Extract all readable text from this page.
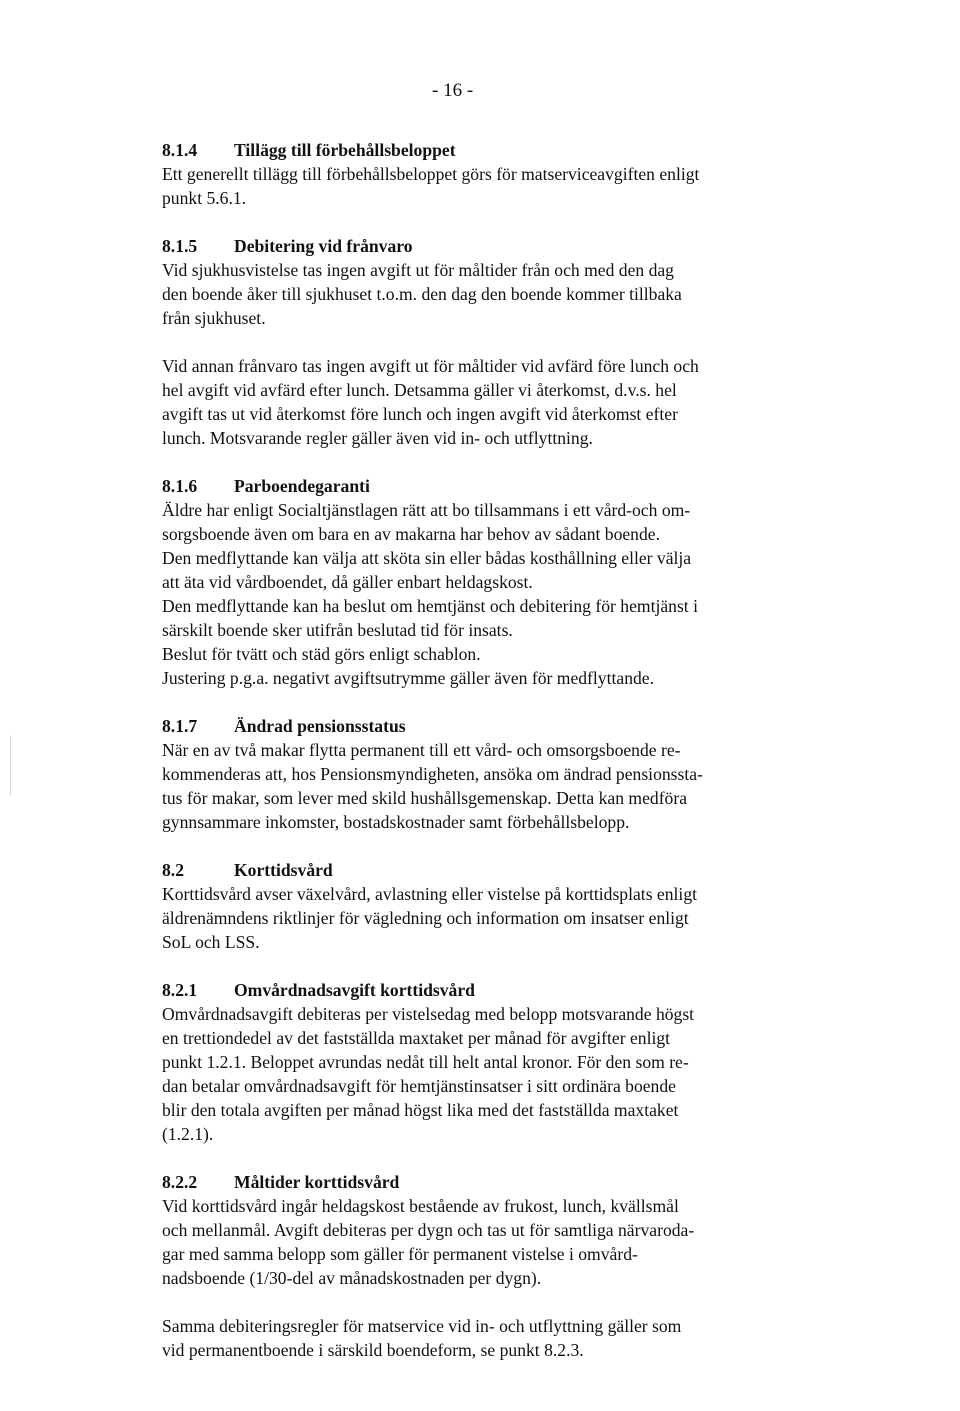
- 16 -
8.1.4 Tillägg till förbehållsbeloppet

Ett generellt tillägg till förbehållsbeloppet görs för matserviceavgiften enligt
punkt 5.6.1.

8.1.5 Debitering vid frånvaro

Vid sjukhusvistelse tas ingen avgift ut för måltider från och med den dag
den boende åker till sjukhuset t.o.m. den dag den boende kommer tillbaka
från sjukhuset.

Vid annan frånvaro tas ingen avgift ut för måltider vid avfärd före lunch och
hel avgift vid avfärd efter lunch. Detsamma gäller vi återkomst, d.v.s. hel
avgift tas ut vid återkomst före lunch och ingen avgift vid återkomst efter
lunch. Motsvarande regler gäller även vid in- och utflyttning.

8.1.6 Parboendegaranti

Äldre har enligt Socialtjänstlagen rätt att bo tillsammans i ett vård-och om-
sorgsboende även om bara en av makarna har behov av sådant boende.
Den medflyttande kan välja att sköta sin eller bådas kosthållning eller välja
att äta vid vårdboendet, då gäller enbart heldagskost.
Den medflyttande kan ha beslut om hemtjänst och debitering för hemtjänst i
särskilt boende sker utifrån beslutad tid för insats.
Beslut för tvätt och städ görs enligt schablon.
Justering p.g.a. negativt avgiftsutrymme gäller även för medflyttande.

8.1.7 Ändrad pensionsstatus

När en av två makar flytta permanent till ett vård- och omsorgsboende re-
kommenderas att, hos Pensionsmyndigheten, ansöka om ändrad pensionssta-
tus för makar, som lever med skild hushållsgemenskap. Detta kan medföra
gynnsammare inkomster, bostadskostnader samt förbehållsbelopp.

8.2	Korttidsvård

Korttidsvård avser växelvård, avlastning eller vistelse på korttidsplats enligt
äldrenämndens riktlinjer för vägledning och information om insatser enligt
SoL och LSS.

8.2.1 Omvårdnadsavgift korttidsvård

Omvårdnadsavgift debiteras per vistelsedag med belopp motsvarande högst
en trettiondedel av det fastställda maxtaket per månad för avgifter enligt
punkt 1.2.1. Beloppet avrundas nedåt till helt antal kronor. För den som re-
dan betalar omvårdnadsavgift för hemtjänstinsatser i sitt ordinära boende
blir den totala avgiften per månad högst lika med det fastställda maxtaket
(1.2.1).

8.2.2 Måltider korttidsvård

Vid korttidsvård ingår heldagskost bestående av frukost, lunch, kvällsmål
och mellanmål. Avgift debiteras per dygn och tas ut för samtliga närvaroda-
gar med samma belopp som gäller för permanent vistelse i omvård-
nadsboende (1/30-del av månadskostnaden per dygn).

Samma debiteringsregler för matservice vid in- och utflyttning gäller som
vid permanentboende i särskild boendeform, se punkt 8.2.3.
